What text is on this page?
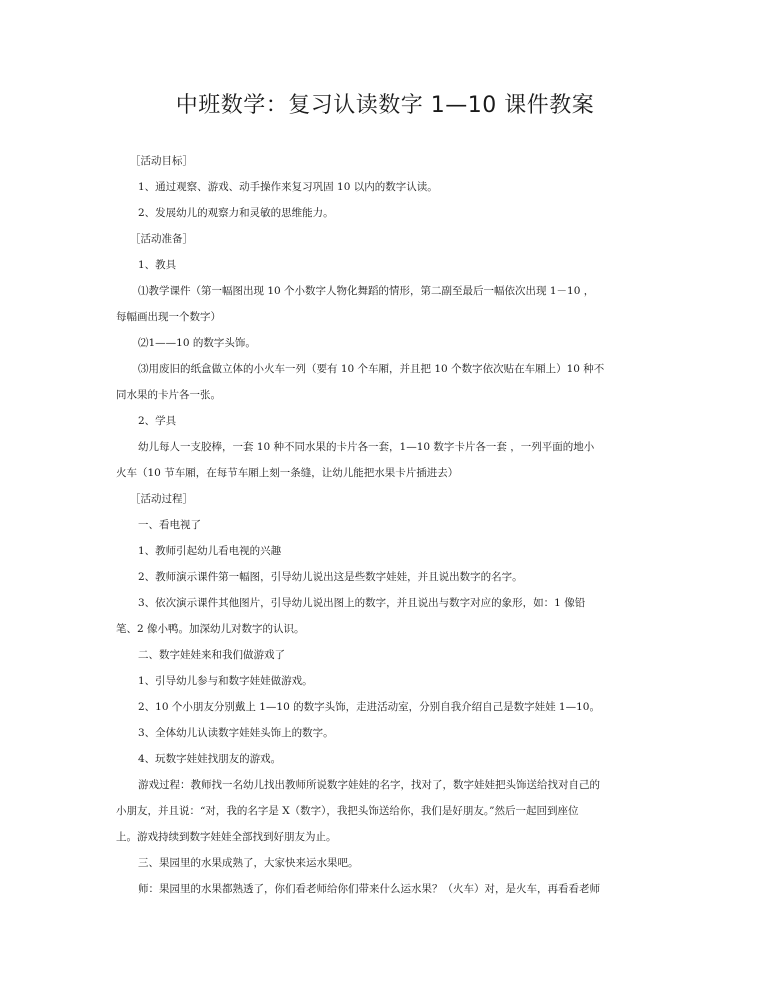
中班数学：复习认读数字 1—10 课件教案

［活动目标］

1、通过观察、游戏、动手操作来复习巩固 10 以内的数字认读。

2、发展幼儿的观察力和灵敏的思维能力。

［活动准备］

1、教具

⑴教学课件（第一幅图出现 10 个小数字人物化舞蹈的情形，第二副至最后一幅依次出现 1－10 ，

每幅画出现一个数字）

⑵1——10 的数字头饰。

⑶用废旧的纸盒做立体的小火车一列（要有 10 个车厢，并且把 10 个数字依次贴在车厢上）10 种不

同水果的卡片各一张。

2、学具

幼儿每人一支胶棒，一套 10 种不同水果的卡片各一套，1—10 数字卡片各一套 ，一列平面的地小

火车（10 节车厢，在每节车厢上刻一条缝，让幼儿能把水果卡片插进去）

［活动过程］

一、看电视了

1、教师引起幼儿看电视的兴趣

2、教师演示课件第一幅图，引导幼儿说出这是些数字娃娃，并且说出数字的名字。

3、依次演示课件其他图片，引导幼儿说出图上的数字，并且说出与数字对应的象形，如：1 像铅

笔、2 像小鸭。加深幼儿对数字的认识。

二、数字娃娃来和我们做游戏了

1、引导幼儿参与和数字娃娃做游戏。

2、10 个小朋友分别戴上 1—10 的数字头饰，走进活动室，分别自我介绍自己是数字娃娃 1—10。

3、全体幼儿认读数字娃娃头饰上的数字。

4、玩数字娃娃找朋友的游戏。

游戏过程：教师找一名幼儿找出教师所说数字娃娃的名字，找对了，数字娃娃把头饰送给找对自己的

小朋友，并且说：“对，我的名字是 X（数字），我把头饰送给你，我们是好朋友。”然后一起回到座位

上。游戏持续到数字娃娃全部找到好朋友为止。

三、果园里的水果成熟了，大家快来运水果吧。

师：果园里的水果都熟透了，你们看老师给你们带来什么运水果？（火车）对，是火车，再看看老师
